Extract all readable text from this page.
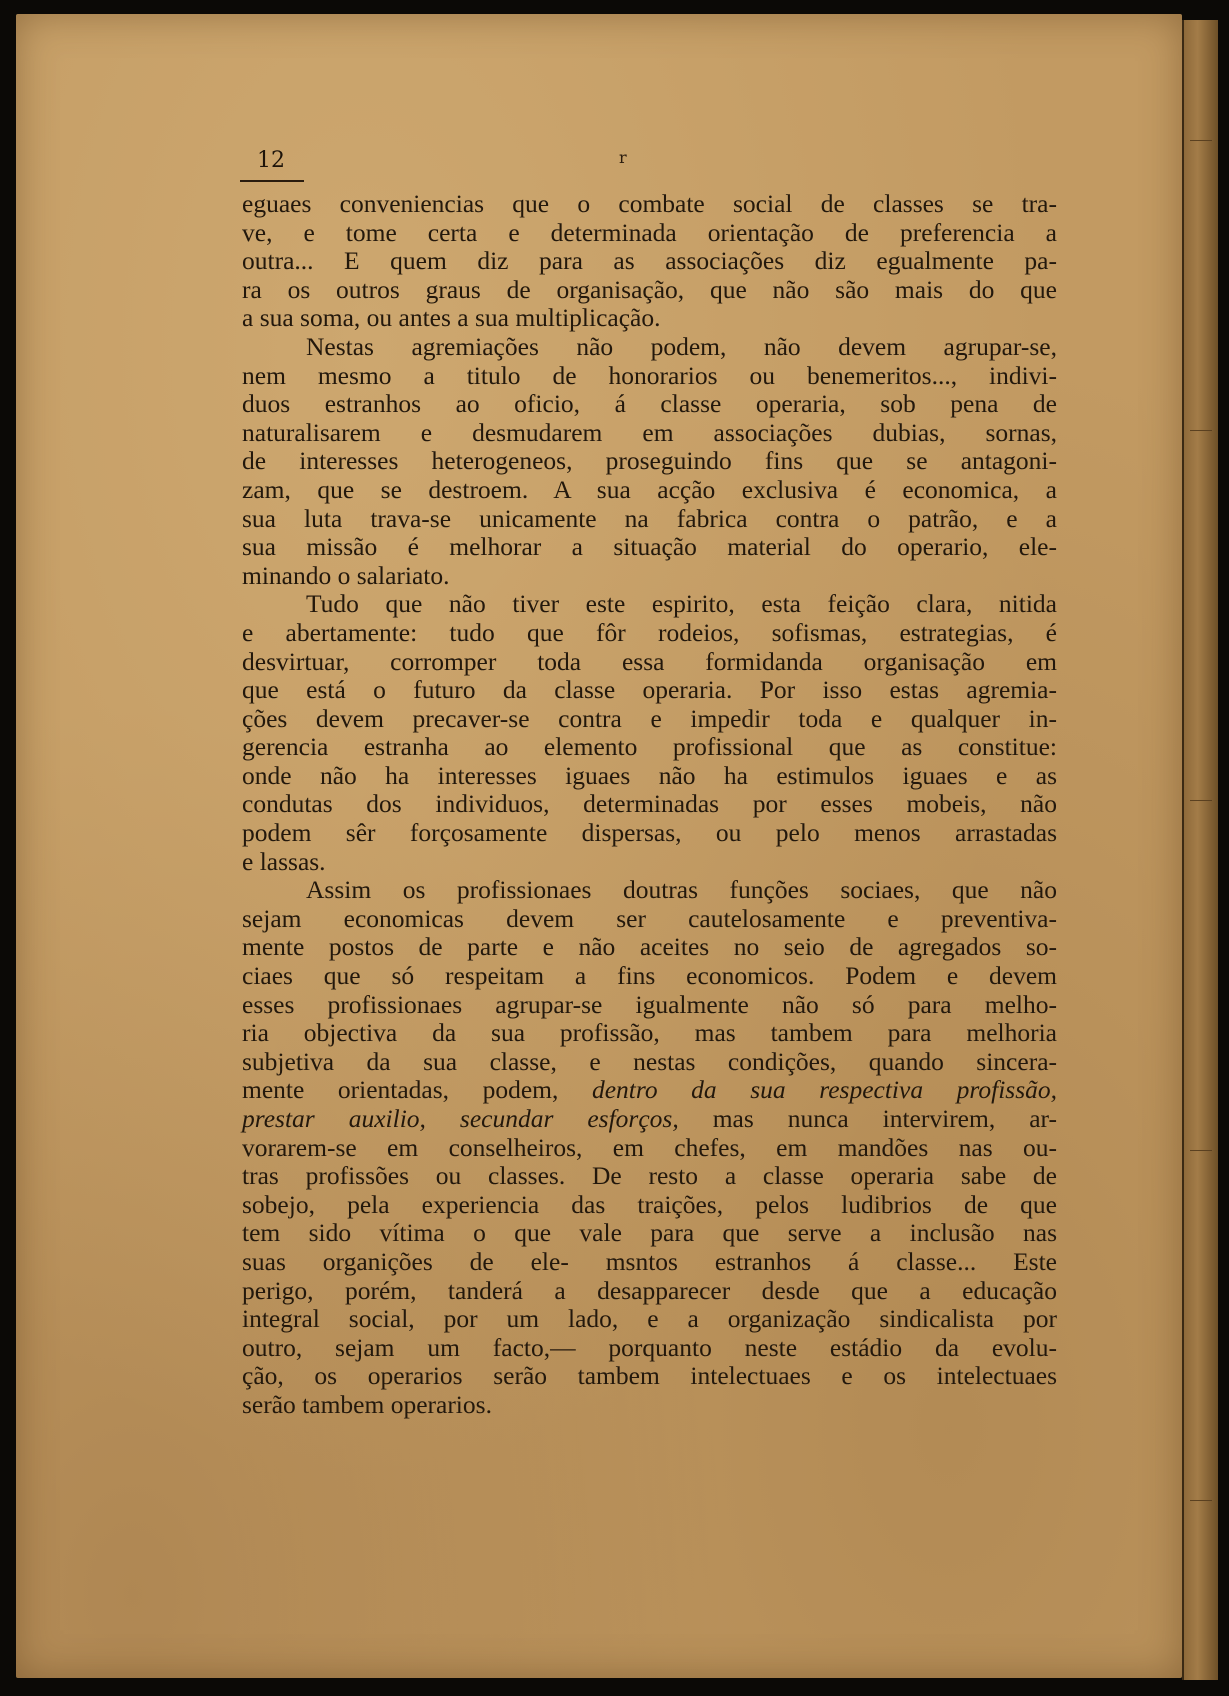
12	r
eguaes conveniencias que o combate social de classes se tra-
ve, e tome certa e determinada orientação de preferencia a
outra... E quem diz para as associações diz egualmente pa-
ra os outros graus de organisação, que não são mais do que
a sua soma, ou antes a sua multiplicação.
Nestas agremiações não podem, não devem agrupar-se,
nem mesmo a titulo de honorarios ou benemeritos..., indivi-
duos estranhos ao oficio, á classe operaria, sob pena de
naturalisarem e desmudarem em associações dubias, sornas,
de interesses heterogeneos, proseguindo fins que se antagoni-
zam, que se destroem. A sua acção exclusiva é economica, a
sua luta trava-se unicamente na fabrica contra o patrão, e a
sua missão é melhorar a situação material do operario, ele-
minando o salariato.
Tudo que não tiver este espirito, esta feição clara, nitida
e abertamente: tudo que fôr rodeios, sofismas, estrategias, é
desvirtuar, corromper toda essa formidanda organisação em
que está o futuro da classe operaria. Por isso estas agremia-
ções devem precaver-se contra e impedir toda e qualquer in-
gerencia estranha ao elemento profissional que as constitue:
onde não ha interesses iguaes não ha estimulos iguaes e as
condutas dos individuos, determinadas por esses mobeis, não
podem sêr forçosamente dispersas, ou pelo menos arrastadas
e lassas.
Assim os profissionaes doutras funções sociaes, que não
sejam economicas devem ser cautelosamente e preventiva-
mente postos de parte e não aceites no seio de agregados so-
ciaes que só respeitam a fins economicos. Podem e devem
esses profissionaes agrupar-se igualmente não só para melho-
ria objectiva da sua profissão, mas tambem para melhoria
subjetiva da sua classe, e nestas condições, quando sincera-
mente orientadas, podem, dentro da sua respectiva profissão,
prestar auxilio, secundar esforços, mas nunca intervirem, ar-
vorarem-se em conselheiros, em chefes, em mandões nas ou-
tras profissões ou classes. De resto a classe operaria sabe de
sobejo, pela experiencia das traições, pelos ludibrios de que
tem sido vítima o que vale para que serve a inclusão nas
suas organições de ele- msntos estranhos á classe... Este
perigo, porém, tanderá a desapparecer desde que a educação
integral social, por um lado, e a organização sindicalista por
outro, sejam um facto,— porquanto neste estádio da evolu-
ção, os operarios serão tambem intelectuaes e os intelectuaes
serão tambem operarios.
